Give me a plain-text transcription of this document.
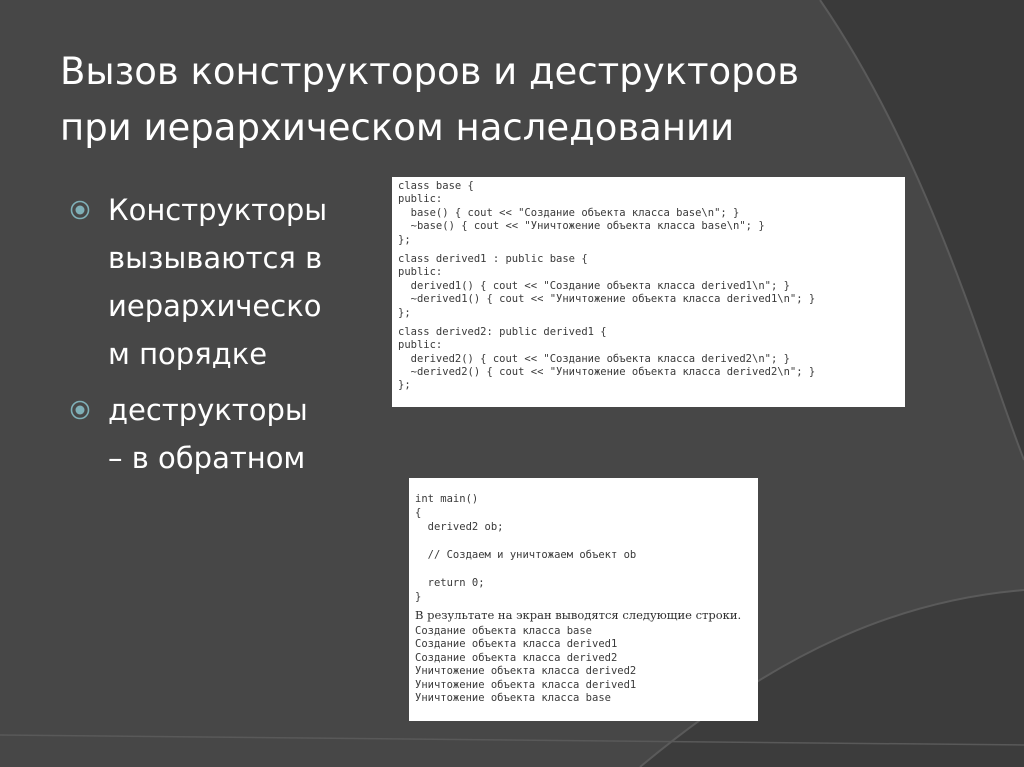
Вызов конструкторов и деструкторов
при иерархическом наследовании
Конструкторы
вызываются в
иерархическо
м порядке
деструкторы
– в обратном
class base {
public:
base() { cout << "Создание объекта класса base\n"; }
~base() { cout << "Уничтожение объекта класса base\n"; }
};
class derived1 : public base {
public:
derived1() { cout << "Создание объекта класса derived1\n"; }
~derived1() { cout << "Уничтожение объекта класса derived1\n"; }
};
class derived2: public derived1 {
public:
derived2() { cout << "Создание объекта класса derived2\n"; }
~derived2() { cout << "Уничтожение объекта класса derived2\n"; }
};
int main()
{
derived2 ob;
// Создаем и уничтожаем объект ob
return 0;
}
В результате на экран выводятся следующие строки.
Создание объекта класса base
Создание объекта класса derived1
Создание объекта класса derived2
Уничтожение объекта класса derived2
Уничтожение объекта класса derived1
Уничтожение объекта класса base
